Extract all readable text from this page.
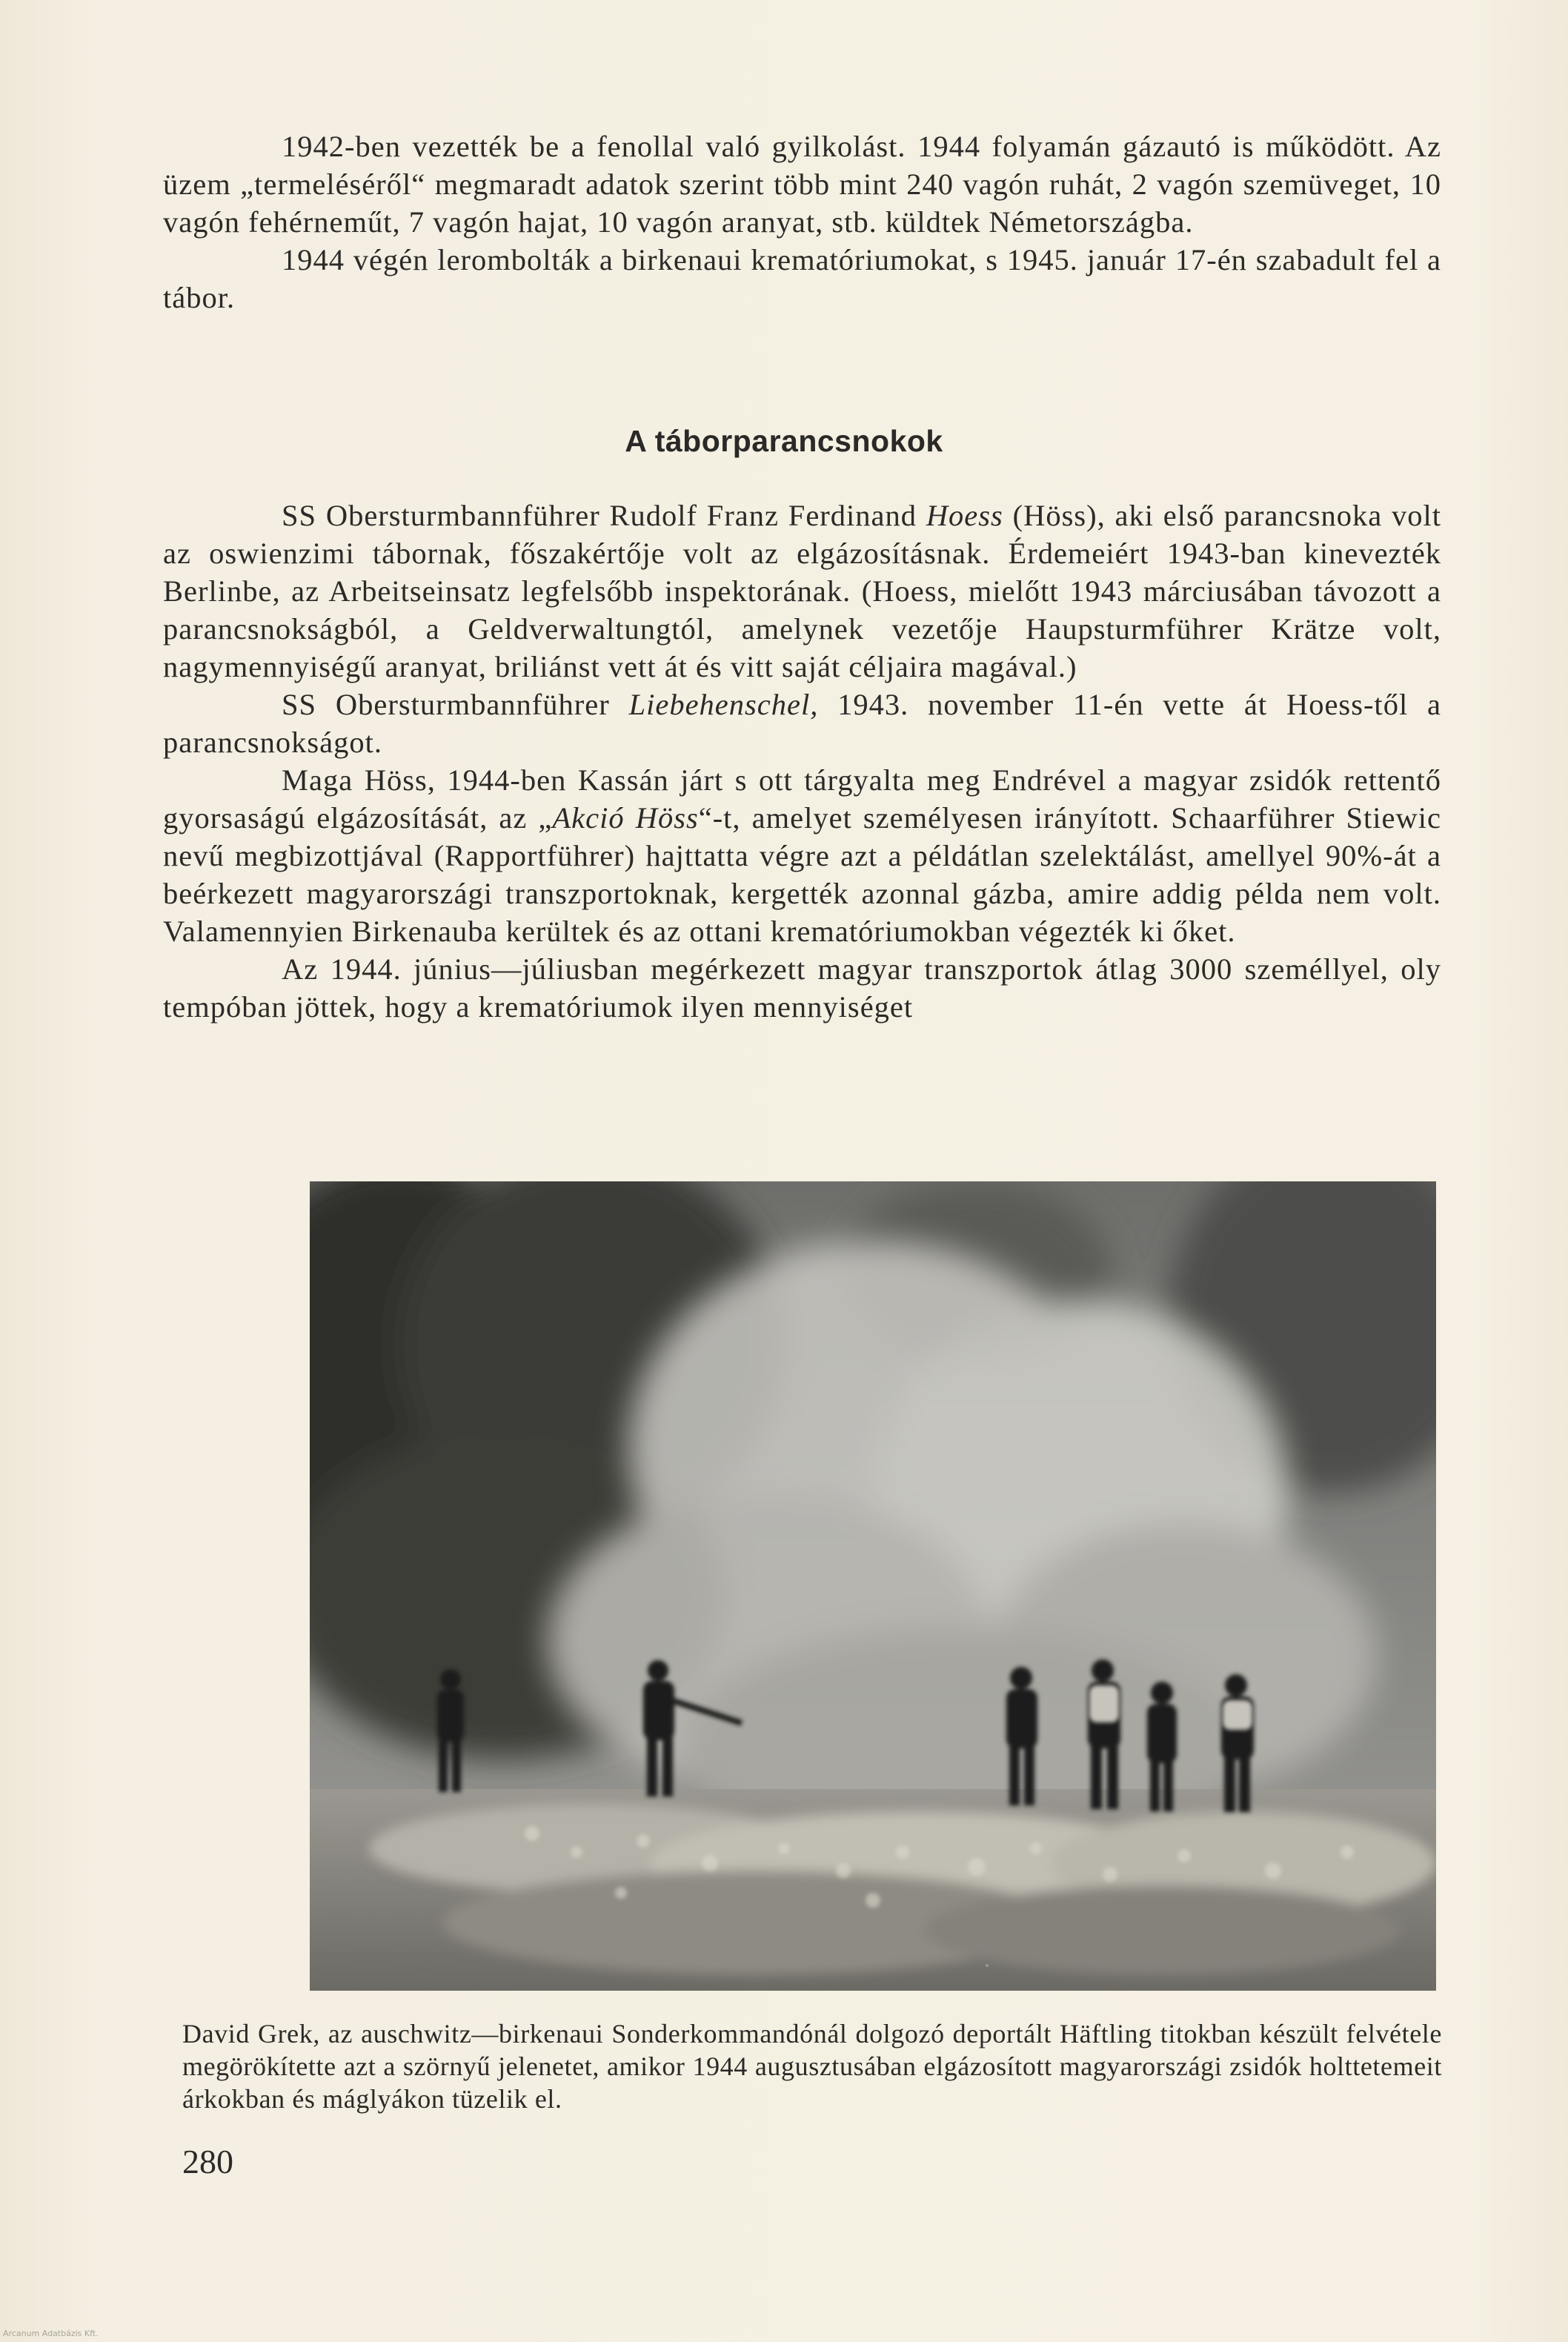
1942-ben vezették be a fenollal való gyilkolást. 1944 folyamán gázautó is működött. Az üzem „termeléséről“ megmaradt adatok szerint több mint 240 vagón ruhát, 2 vagón szemüveget, 10 vagón fehérneműt, 7 vagón hajat, 10 vagón aranyat, stb. küldtek Németországba.

1944 végén lerombolták a birkenaui krematóriumokat, s 1945. január 17-én szabadult fel a tábor.

A táborparancsnokok

SS Obersturmbannführer Rudolf Franz Ferdinand Hoess (Höss), aki első parancsnoka volt az oswienzimi tábornak, főszakértője volt az elgázosításnak. Érdemeiért 1943-ban kinevezték Berlinbe, az Arbeitseinsatz legfelsőbb inspektorának. (Hoess, mielőtt 1943 márciusában távozott a parancsnokságból, a Geldverwaltungtól, amelynek vezetője Haupsturmführer Krätze volt, nagymennyiségű aranyat, briliánst vett át és vitt saját céljaira magával.)

SS Obersturmbannführer Liebehenschel, 1943. november 11-én vette át Hoess-től a parancsnokságot.

Maga Höss, 1944-ben Kassán járt s ott tárgyalta meg Endrével a magyar zsidók rettentő gyorsaságú elgázosítását, az „Akció Höss“-t, amelyet személyesen irányított. Schaarführer Stiewic nevű megbizottjával (Rapportführer) hajttatta végre azt a példátlan szelektálást, amellyel 90%-át a beérkezett magyarországi transzportoknak, kergették azonnal gázba, amire addig példa nem volt. Valamennyien Birkenauba kerültek és az ottani krematóriumokban végezték ki őket.

Az 1944. június—júliusban megérkezett magyar transzportok átlag 3000 személlyel, oly tempóban jöttek, hogy a krematóriumok ilyen mennyiséget

David Grek, az auschwitz—birkenaui Sonderkommandónál dolgozó deportált Häftling titokban készült felvétele megörökítette azt a szörnyű jelenetet, amikor 1944 augusztusában elgázosított magyarországi zsidók holttetemeit árkokban és máglyákon tüzelik el.
280
Arcanum Adatbázis Kft.
